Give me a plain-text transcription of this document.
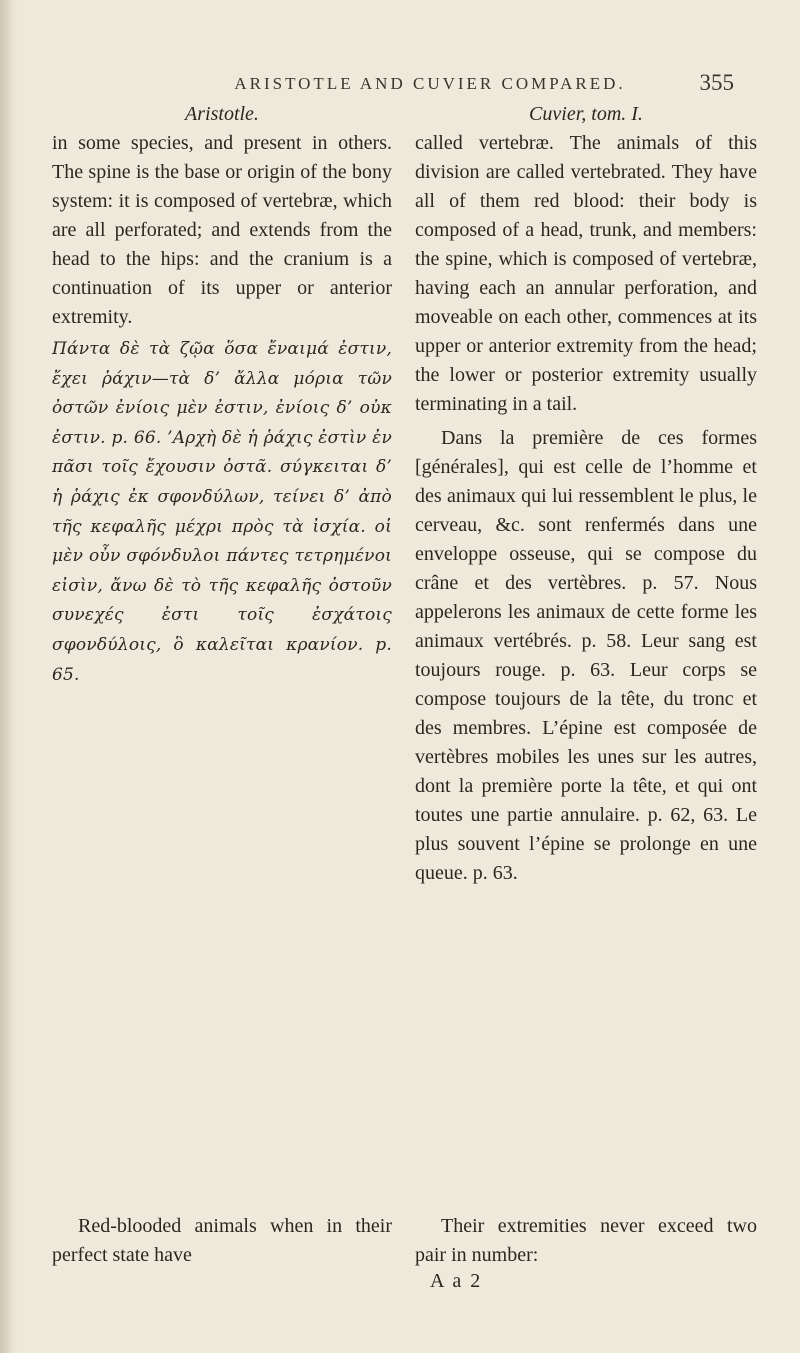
ARISTOTLE AND CUVIER COMPARED.	355

Aristotle.

in some species, and present in others. The spine is the base or origin of the bony system: it is composed of vertebræ, which are all perforated; and extends from the head to the hips: and the cranium is a continuation of its upper or anterior extremity.

Πάντα δὲ τὰ ζῷα ὅσα ἔναιμά ἐστιν, ἔχει ῥάχιν—τὰ δ’ ἄλλα μόρια τῶν ὀστῶν ἐνίοις μὲν ἐστιν, ἐνίοις δ’ οὐκ ἐστιν. p. 66. ’Αρχὴ δὲ ἡ ῥάχις ἐστὶν ἐν πᾶσι τοῖς ἔχουσιν ὀστᾶ. σύγκειται δ’ ἡ ῥάχις ἐκ σφονδύλων, τείνει δ’ ἀπὸ τῆς κεφαλῆς μέχρι πρὸς τὰ ἰσχία. οἱ μὲν οὖν σφόνδυλοι πάντες τετρημένοι εἰσὶν, ἄνω δὲ τὸ τῆς κεφαλῆς ὀστοῦν συνεχές ἐστι τοῖς ἐσχάτοις σφονδύλοις, ὃ καλεῖται κρανίον. p. 65.
Red-blooded animals when in their perfect state have

Cuvier, tom. I.

called vertebræ. The animals of this division are called vertebrated. They have all of them red blood: their body is composed of a head, trunk, and members: the spine, which is composed of vertebræ, having each an annular perforation, and moveable on each other, commences at its upper or anterior extremity from the head; the lower or posterior extremity usually terminating in a tail.

Dans la première de ces formes [générales], qui est celle de l’homme et des animaux qui lui ressemblent le plus, le cerveau, &c. sont renfermés dans une enveloppe osseuse, qui se compose du crâne et des vertèbres. p. 57. Nous appelerons les animaux de cette forme les animaux vertébrés. p. 58. Leur sang est toujours rouge. p. 63. Leur corps se compose toujours de la tête, du tronc et des membres. L’épine est composée de vertèbres mobiles les unes sur les autres, dont la première porte la tête, et qui ont toutes une partie annulaire. p. 62, 63. Le plus souvent l’épine se prolonge en une queue. p. 63.
Their extremities never exceed two pair in number:
A a 2
